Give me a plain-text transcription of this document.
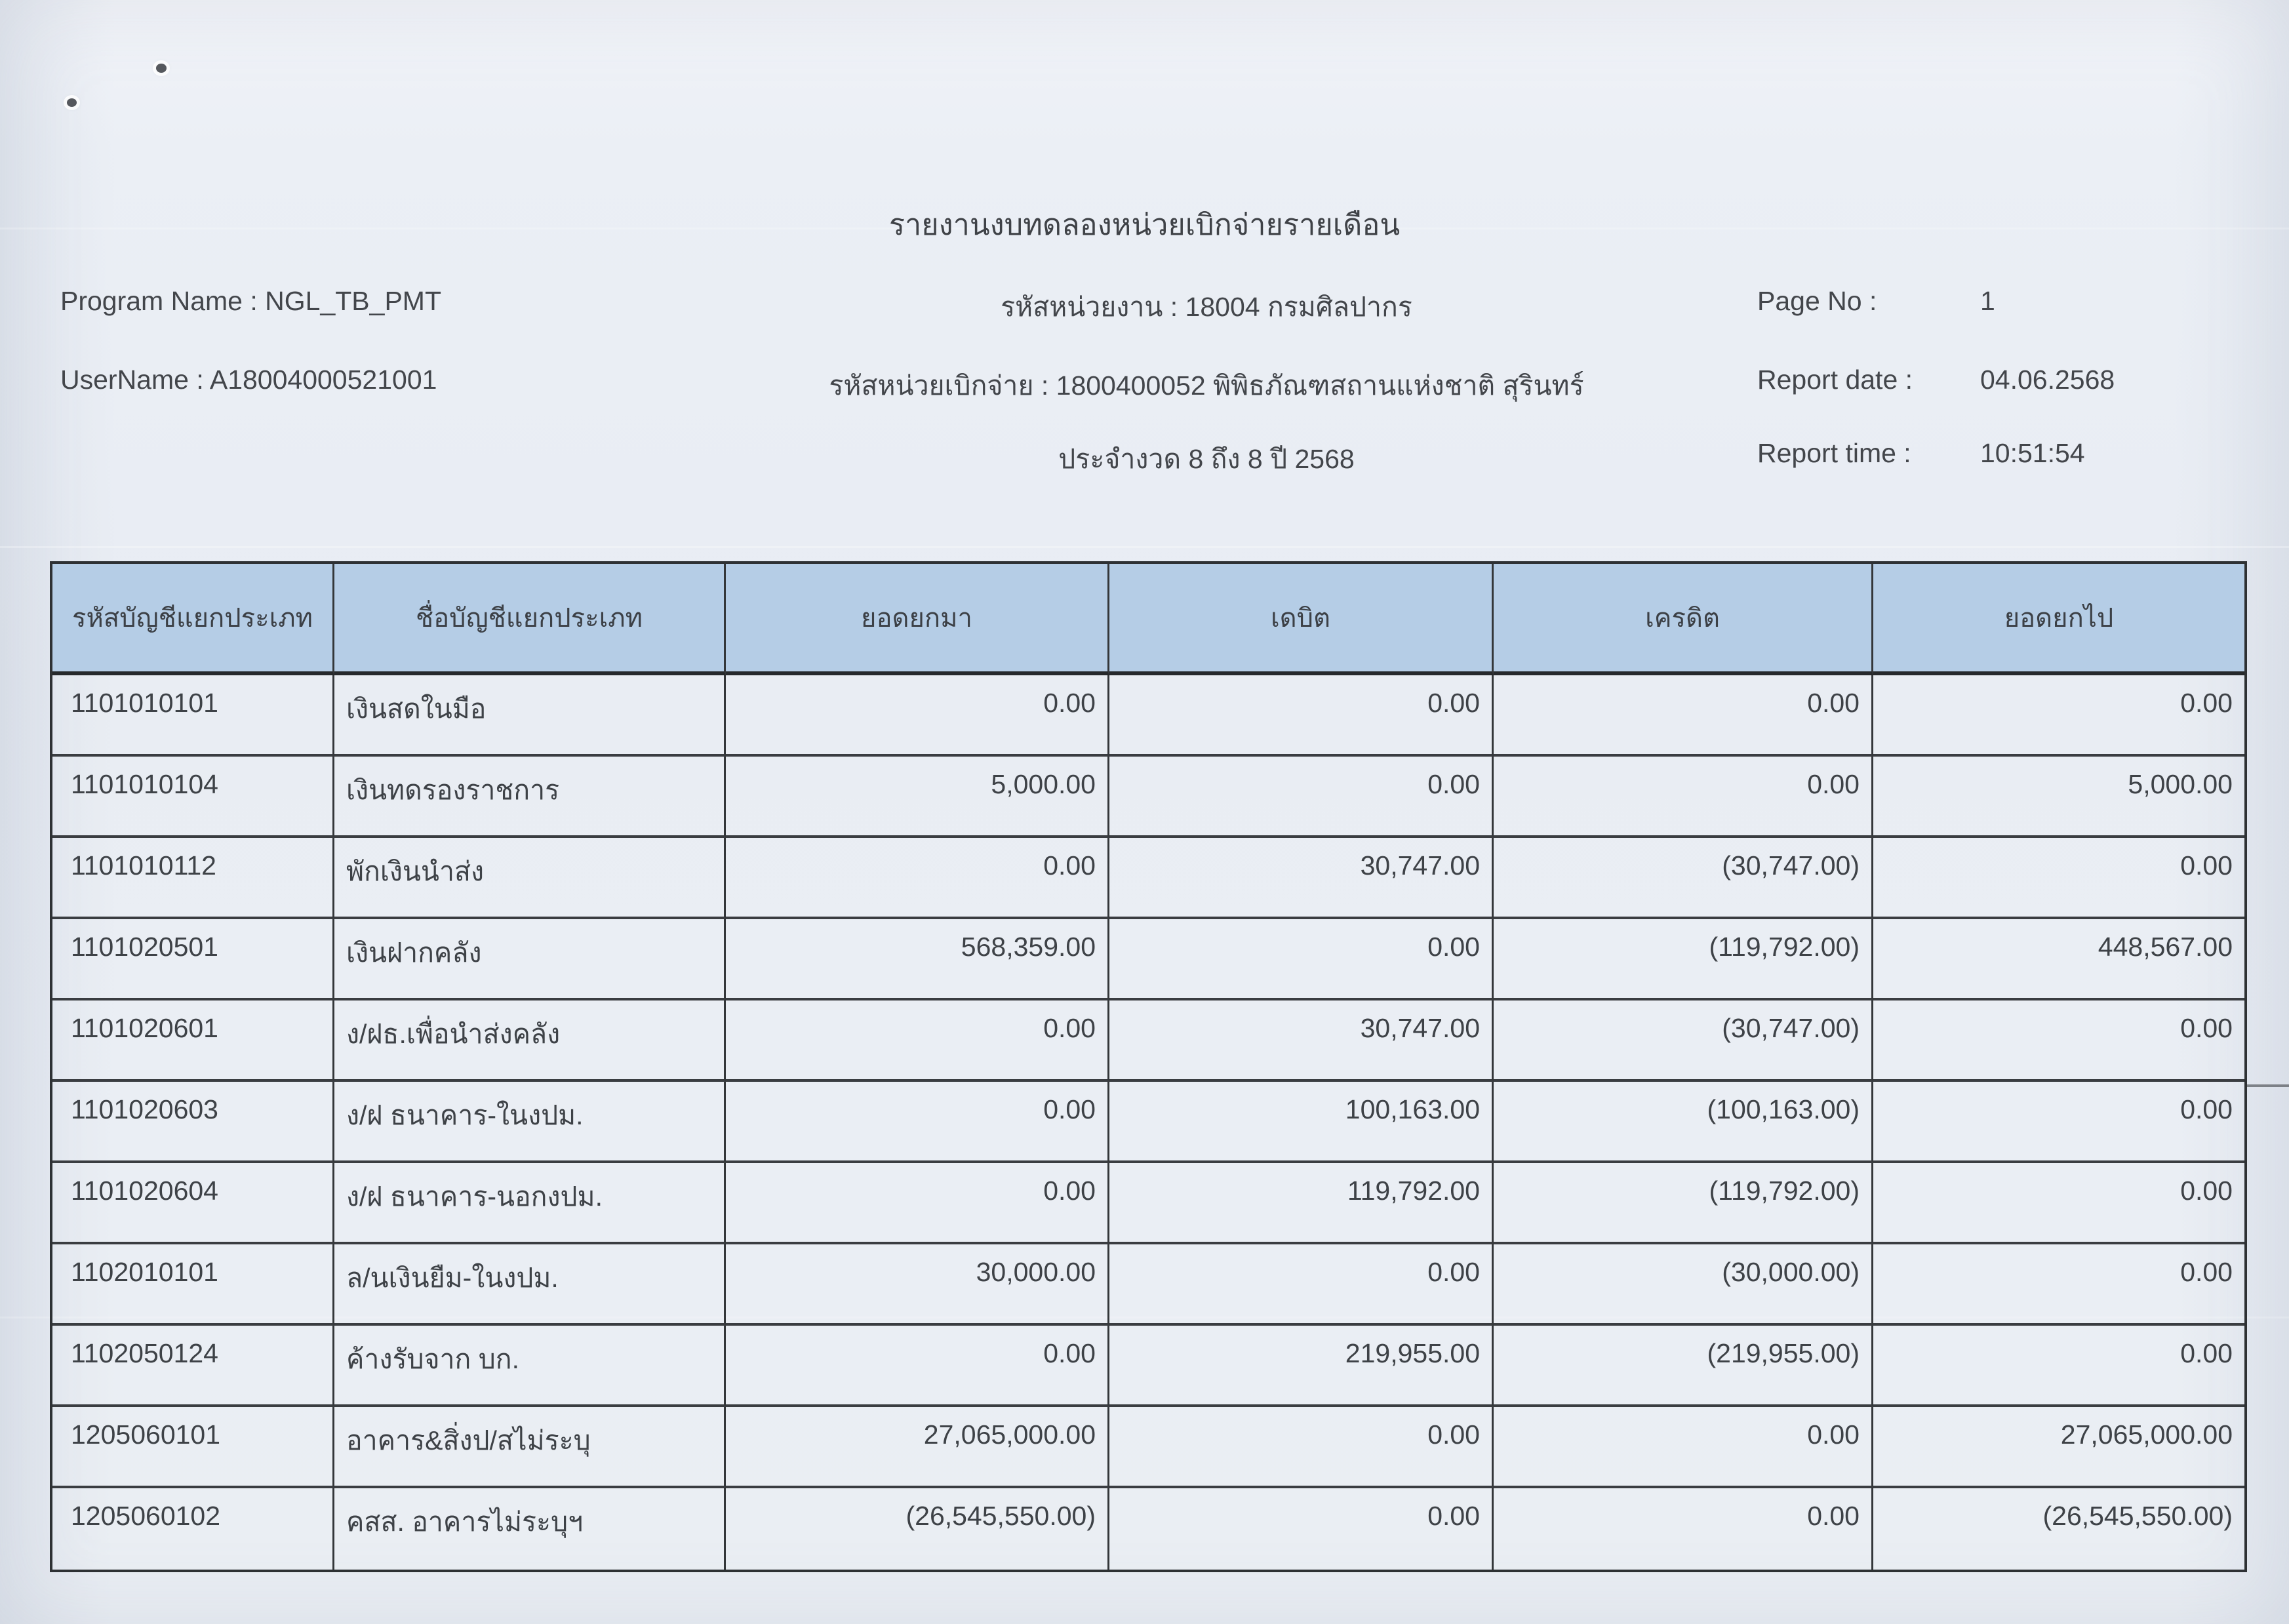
รายงานงบทดลองหน่วยเบิกจ่ายรายเดือน
Program Name : NGL_TB_PMT
UserName : A18004000521001
รหัสหน่วยงาน : 18004 กรมศิลปากร
รหัสหน่วยเบิกจ่าย : 1800400052 พิพิธภัณฑสถานแห่งชาติ สุรินทร์
ประจำงวด 8 ถึง 8 ปี 2568
Page No :	1
Report date :	04.06.2568
Report time :	10:51:54
รหัสบัญชีแยกประเภท	ชื่อบัญชีแยกประเภท	ยอดยกมา	เดบิต	เครดิต	ยอดยกไป
1101010101	เงินสดในมือ	0.00	0.00	0.00	0.00
1101010104	เงินทดรองราชการ	5,000.00	0.00	0.00	5,000.00
1101010112	พักเงินนำส่ง	0.00	30,747.00	(30,747.00)	0.00
1101020501	เงินฝากคลัง	568,359.00	0.00	(119,792.00)	448,567.00
1101020601	ง/ฝธ.เพื่อนำส่งคลัง	0.00	30,747.00	(30,747.00)	0.00
1101020603	ง/ฝ ธนาคาร-ในงปม.	0.00	100,163.00	(100,163.00)	0.00
1101020604	ง/ฝ ธนาคาร-นอกงปม.	0.00	119,792.00	(119,792.00)	0.00
1102010101	ล/นเงินยืม-ในงปม.	30,000.00	0.00	(30,000.00)	0.00
1102050124	ค้างรับจาก บก.	0.00	219,955.00	(219,955.00)	0.00
1205060101	อาคาร&สิ่งป/สไม่ระบุ	27,065,000.00	0.00	0.00	27,065,000.00
1205060102	คสส. อาคารไม่ระบุฯ	(26,545,550.00)	0.00	0.00	(26,545,550.00)
